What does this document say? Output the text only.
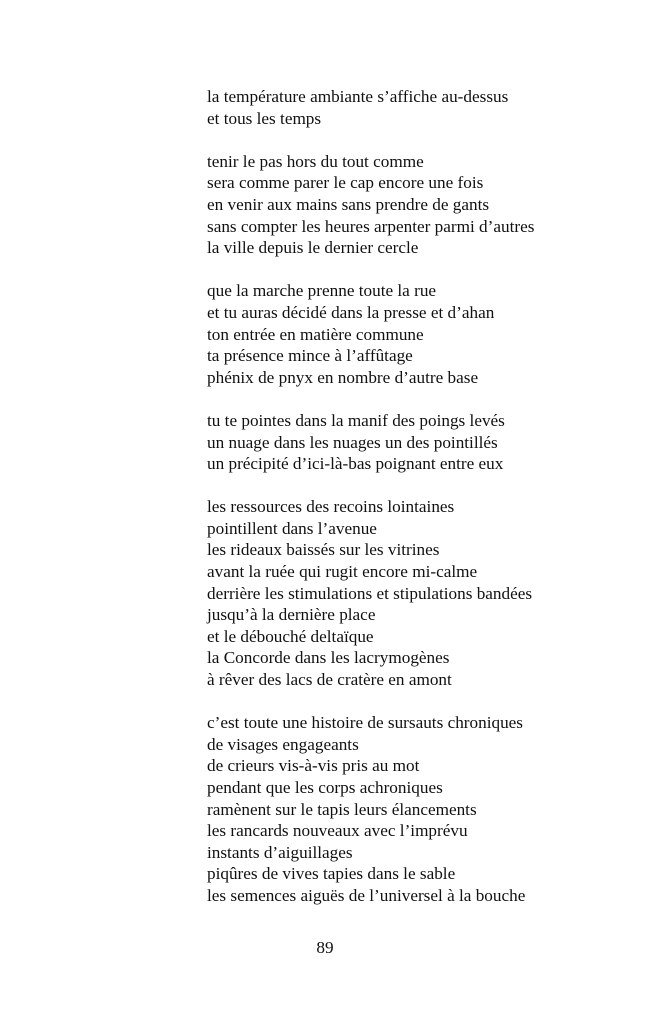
la température ambiante s’affiche au-dessus
et tous les temps
tenir le pas hors du tout comme
sera comme parer le cap encore une fois
en venir aux mains sans prendre de gants
sans compter les heures arpenter parmi d’autres
la ville depuis le dernier cercle
que la marche prenne toute la rue
et tu auras décidé dans la presse et d’ahan
ton entrée en matière commune
ta présence mince à l’affûtage
phénix de pnyx en nombre d’autre base
tu te pointes dans la manif des poings levés
un nuage dans les nuages un des pointillés
un précipité d’ici-là-bas poignant entre eux
les ressources des recoins lointaines
pointillent dans l’avenue
les rideaux baissés sur les vitrines
avant la ruée qui rugit encore mi-calme
derrière les stimulations et stipulations bandées
jusqu’à la dernière place
et le débouché deltaïque
la Concorde dans les lacrymogènes
à rêver des lacs de cratère en amont
c’est toute une histoire de sursauts chroniques
de visages engageants
de crieurs vis-à-vis pris au mot
pendant que les corps achroniques
ramènent sur le tapis leurs élancements
les rancards nouveaux avec l’imprévu
instants d’aiguillages
piqûres de vives tapies dans le sable
les semences aiguës de l’universel à la bouche
89
